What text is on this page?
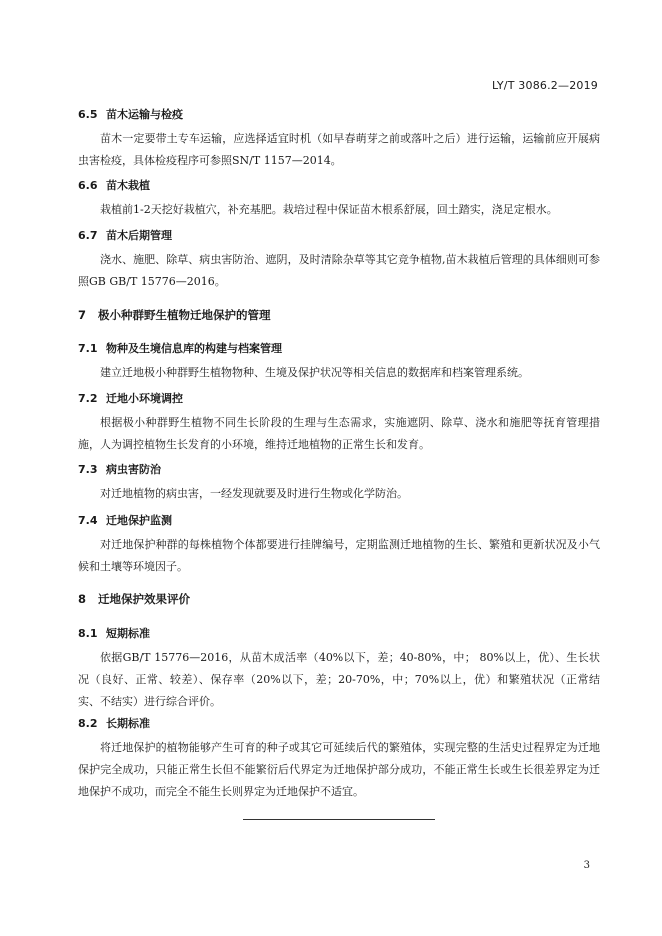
LY/T 3086.2—2019
6.5 苗木运输与检疫
苗木一定要带土专车运输，应选择适宜时机（如早春萌芽之前或落叶之后）进行运输，运输前应开展病虫害检疫，具体检疫程序可参照SN/T 1157—2014。
6.6 苗木栽植
栽植前1-2天挖好栽植穴，补充基肥。栽培过程中保证苗木根系舒展，回土踏实，浇足定根水。
6.7 苗木后期管理
浇水、施肥、除草、病虫害防治、遮阴，及时清除杂草等其它竞争植物,苗木栽植后管理的具体细则可参照GB GB/T 15776—2016。
7 极小种群野生植物迁地保护的管理
7.1 物种及生境信息库的构建与档案管理
建立迁地极小种群野生植物物种、生境及保护状况等相关信息的数据库和档案管理系统。
7.2 迁地小环境调控
根据极小种群野生植物不同生长阶段的生理与生态需求，实施遮阴、除草、浇水和施肥等抚育管理措施，人为调控植物生长发育的小环境，维持迁地植物的正常生长和发育。
7.3 病虫害防治
对迁地植物的病虫害，一经发现就要及时进行生物或化学防治。
7.4 迁地保护监测
对迁地保护种群的每株植物个体都要进行挂牌编号，定期监测迁地植物的生长、繁殖和更新状况及小气候和土壤等环境因子。
8 迁地保护效果评价
8.1 短期标准
依据GB/T 15776—2016，从苗木成活率（40%以下，差；40-80%，中； 80%以上，优）、生长状况（良好、正常、较差）、保存率（20%以下，差；20-70%，中；70%以上，优）和繁殖状况（正常结实、不结实）进行综合评价。
8.2 长期标准
将迁地保护的植物能够产生可育的种子或其它可延续后代的繁殖体，实现完整的生活史过程界定为迁地保护完全成功，只能正常生长但不能繁衍后代界定为迁地保护部分成功，不能正常生长或生长很差界定为迁地保护不成功，而完全不能生长则界定为迁地保护不适宜。
3
